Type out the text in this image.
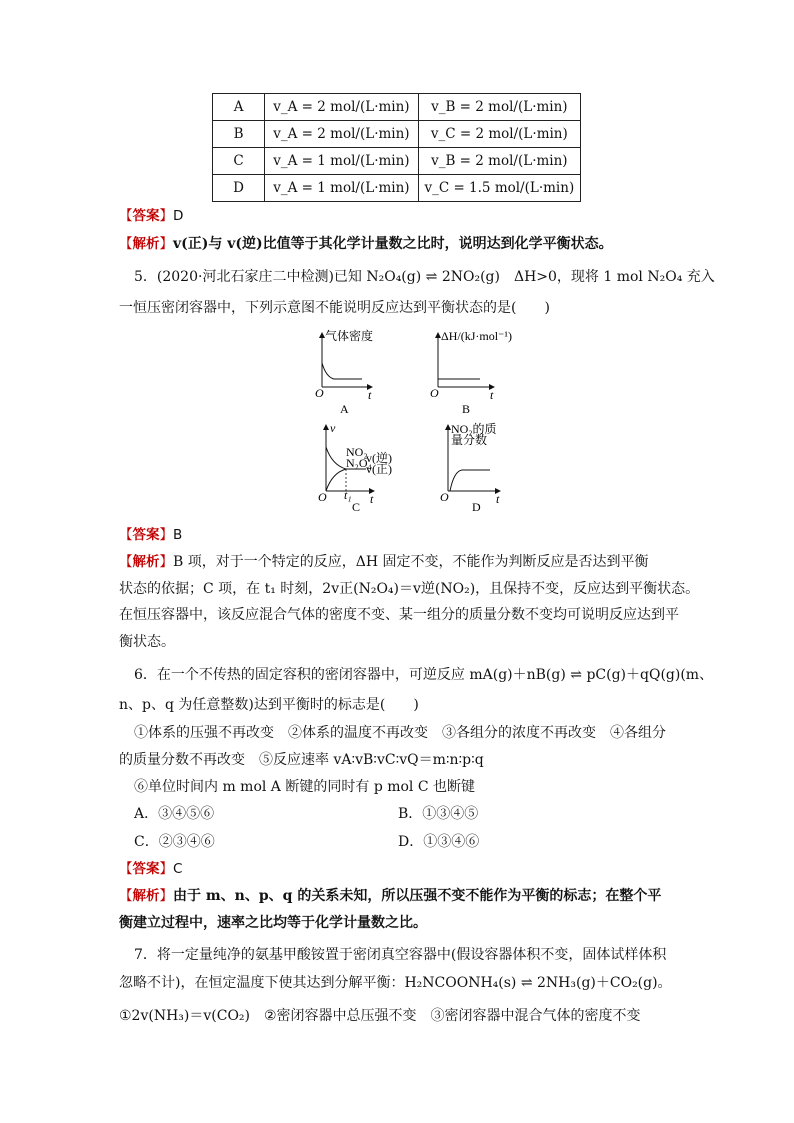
A	v_A = 2 mol/(L·min)	v_B = 2 mol/(L·min)
B	v_A = 2 mol/(L·min)	v_C = 2 mol/(L·min)
C	v_A = 1 mol/(L·min)	v_B = 2 mol/(L·min)
D	v_A = 1 mol/(L·min)	v_C = 1.5 mol/(L·min)
【答案】D
【解析】v(正)与 v(逆)比值等于其化学计量数之比时，说明达到化学平衡状态。
5．(2020·河北石家庄二中检测)已知 N₂O₄(g) ⇌ 2NO₂(g)　ΔH>0，现将 1 mol N₂O₄ 充入
一恒压密闭容器中，下列示意图不能说明反应达到平衡状态的是(　　)
气体密度
O	t
A
ΔH/(kJ·mol⁻¹)
O	t
B
v
NO₂
N₂O₄
v(逆)
v(正)
t₁
O	t
C
NO₂的质
量分数
O	t
D
【答案】B
【解析】B 项，对于一个特定的反应，ΔH 固定不变，不能作为判断反应是否达到平衡
状态的依据；C 项，在 t₁ 时刻，2v正(N₂O₄)＝v逆(NO₂)，且保持不变，反应达到平衡状态。
在恒压容器中，该反应混合气体的密度不变、某一组分的质量分数不变均可说明反应达到平
衡状态。
6．在一个不传热的固定容积的密闭容器中，可逆反应 mA(g)＋nB(g) ⇌ pC(g)＋qQ(g)(m、
n、p、q 为任意整数)达到平衡时的标志是(　　)
①体系的压强不再改变　②体系的温度不再改变　③各组分的浓度不再改变　④各组分
的质量分数不再改变　⑤反应速率 vA∶vB∶vC∶vQ＝m∶n∶p∶q
⑥单位时间内 m mol A 断键的同时有 p mol C 也断键
A．③④⑤⑥	B．①③④⑤
C．②③④⑥	D．①③④⑥
【答案】C
【解析】由于 m、n、p、q 的关系未知，所以压强不变不能作为平衡的标志；在整个平
衡建立过程中，速率之比均等于化学计量数之比。
7．将一定量纯净的氨基甲酸铵置于密闭真空容器中(假设容器体积不变，固体试样体积
忽略不计)，在恒定温度下使其达到分解平衡：H₂NCOONH₄(s) ⇌ 2NH₃(g)＋CO₂(g)。
①2v(NH₃)＝v(CO₂)　②密闭容器中总压强不变　③密闭容器中混合气体的密度不变
